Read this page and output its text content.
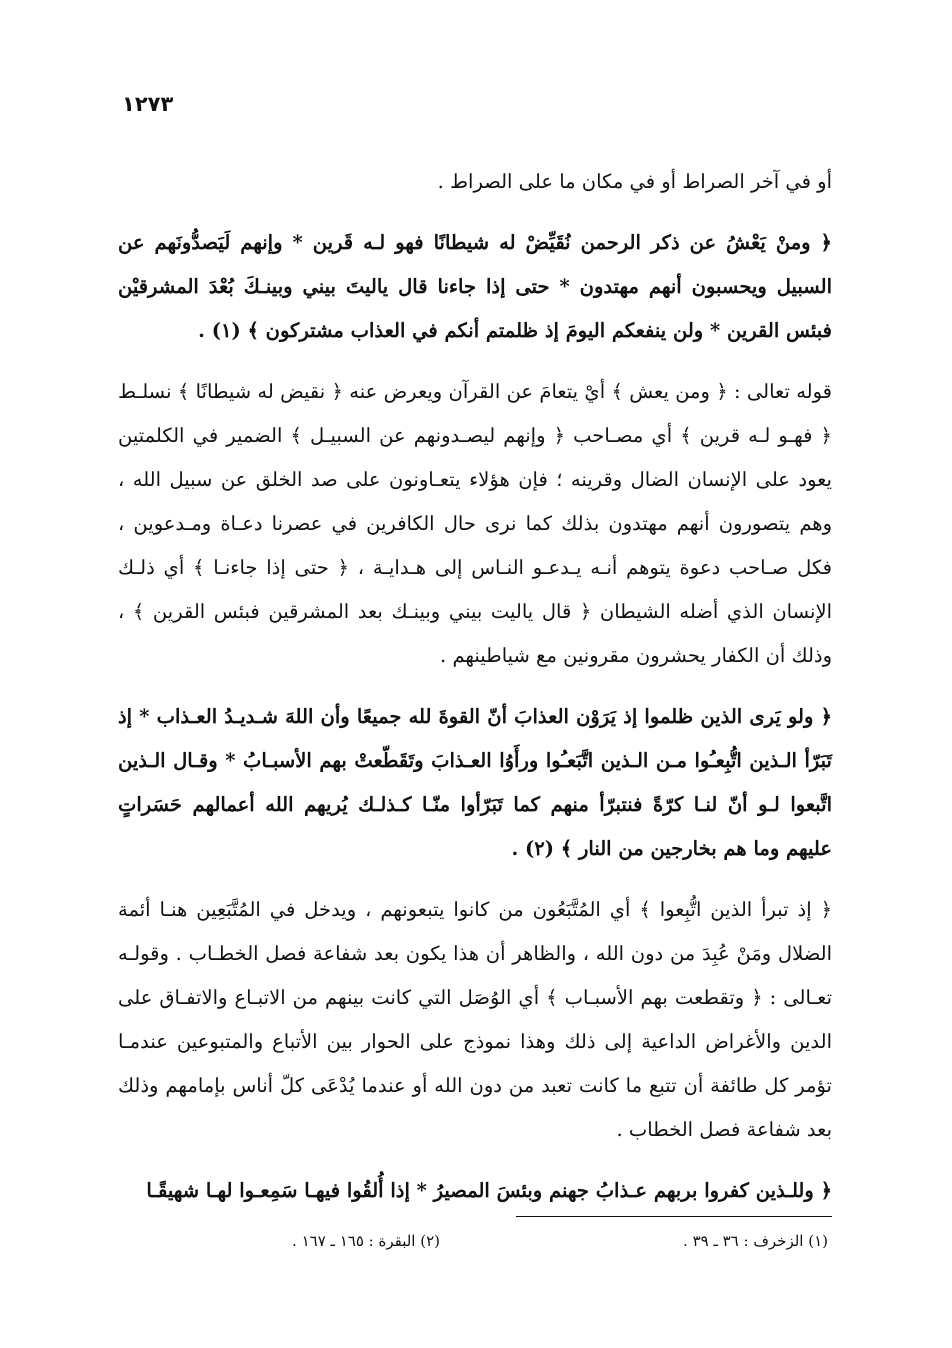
١٢٧٣

أو في آخر الصراط أو في مكان ما على الصراط .

﴿ ومنْ يَعْشُ عن ذكر الرحمن نُقَيِّضْ له شيطانًا فهو لـه قَرين * وإنهم لَيَصدُّونَهم عن السبيل ويحسبون أنهم مهتدون * حتى إذا جاءنا قال ياليتَ بيني وبينـكَ بُعْدَ المشرقيْن فبئس القرين * ولن ينفعكم اليومَ إذ ظلمتم أنكم في العذاب مشتركون ﴾ (١) .

قوله تعالى : ﴿ ومن يعش ﴾ أيْ يتعامَ عن القرآن ويعرض عنه ﴿ نقيض له شيطانًا ﴾ نسلـط ﴿ فهـو لـه قرين ﴾ أي مصـاحب ﴿ وإنهم ليصـدونهم عن السبيـل ﴾ الضمير في الكلمتين يعود على الإنسان الضال وقرينه ؛ فإن هؤلاء يتعـاونون على صد الخلق عن سبيل الله ، وهم يتصورون أنهم مهتدون بذلك كما نرى حال الكافرين في عصرنا دعـاة ومـدعوين ، فكل صـاحب دعوة يتوهم أنـه يـدعـو النـاس إلى هـدايـة ، ﴿ حتى إذا جاءنـا ﴾ أي ذلـك الإنسان الذي أضله الشيطان ﴿ قال ياليت بيني وبينـك بعد المشرقين فبئس القرين ﴾ ، وذلك أن الكفار يحشرون مقرونين مع شياطينهم .

﴿ ولو يَرى الذين ظلموا إذ يَرَوْن العذابَ أنّ القوةَ لله جميعًا وأن اللهَ شـديـدُ العـذاب * إذ تَبَرّأ الـذين اتُّبِعـُوا مـن الـذين اتَّبَعـُوا ورأَوُا العـذابَ وتَقَطّعتْ بهم الأسبـابُ * وقـال الـذين اتَّبعوا لـو أنّ لنـا كرّةً فنتبرّأ منهم كما تَبَرّأوا منّـا كـذلـك يُريهم الله أعمالهم حَسَراتٍ عليهم وما هم بخارجين من النار ﴾ (٢) .

﴿ إذ تبرأ الذين اتُّبِعوا ﴾ أي المُتَّبَعُون من كانوا يتبعونهم ، ويدخل في المُتَّبَعِين هنـا أئمة الضلال ومَنْ عُبِدَ من دون الله ، والظاهر أن هذا يكون بعد شفاعة فصل الخطـاب . وقولـه تعـالى : ﴿ وتقطعت بهم الأسبـاب ﴾ أي الوُصَل التي كانت بينهم من الاتبـاع والاتفـاق على الدين والأغراض الداعية إلى ذلك وهذا نموذج على الحوار بين الأتباع والمتبوعين عندمـا تؤمر كل طائفة أن تتبع ما كانت تعبد من دون الله أو عندما يُدْعَى كلّ أناس بإمامهم وذلك بعد شفاعة فصل الخطاب .

﴿ وللـذين كفروا بربهم عـذابُ جهنم وبئسَ المصيرُ * إذا أُلقُوا فيهـا سَمِعـوا لهـا شهيقًـا

(١) الزخرف : ٣٦ ـ ٣٩ .
(٢) البقرة : ١٦٥ ـ ١٦٧ .
